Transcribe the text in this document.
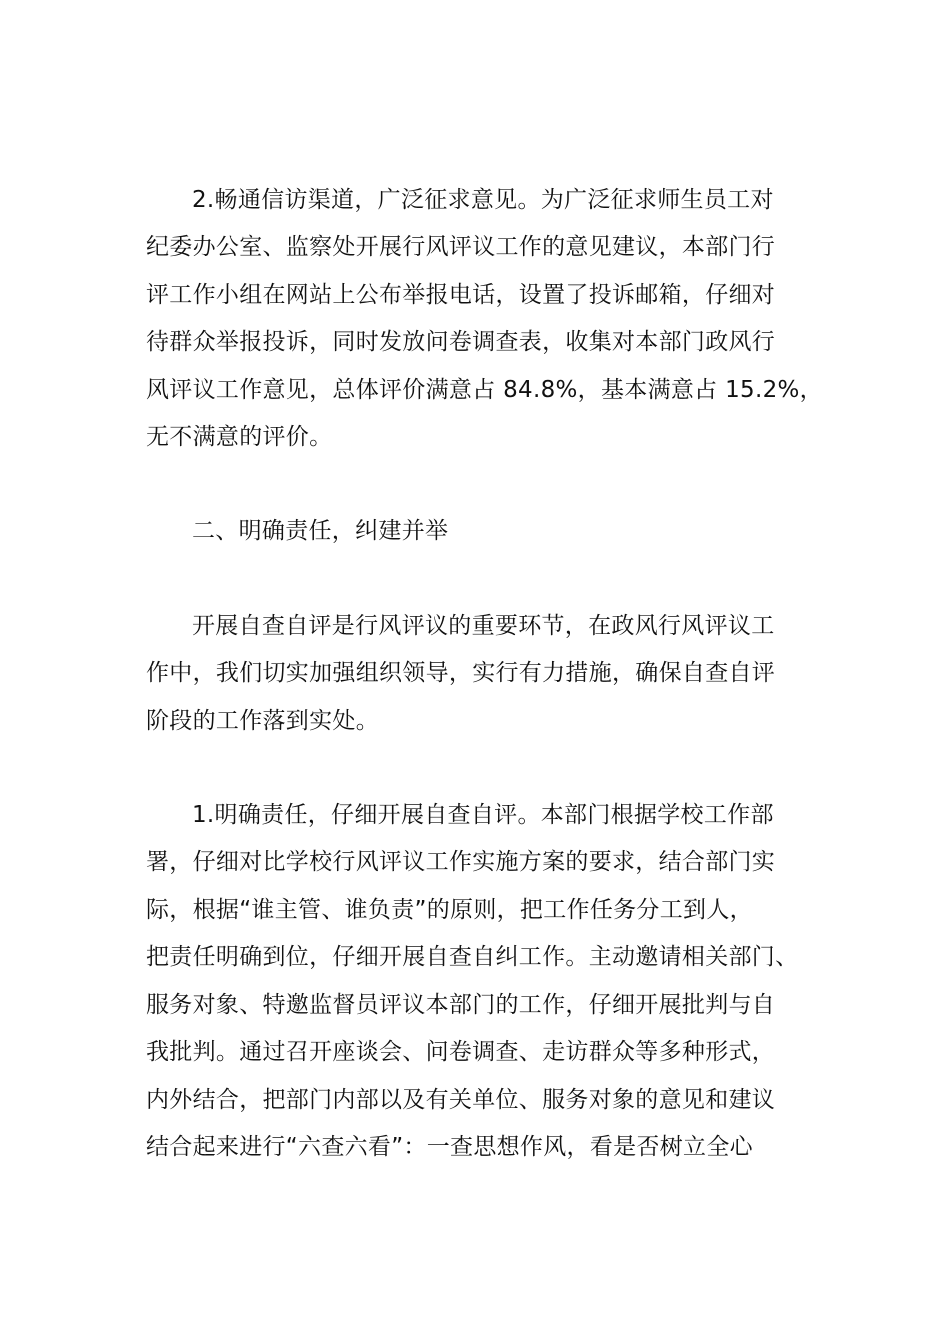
2.畅通信访渠道，广泛征求意见。为广泛征求师生员工对
纪委办公室、监察处开展行风评议工作的意见建议，本部门行
评工作小组在网站上公布举报电话，设置了投诉邮箱，仔细对
待群众举报投诉，同时发放问卷调查表，收集对本部门政风行
风评议工作意见，总体评价满意占 84.8%，基本满意占 15.2%，
无不满意的评价。

二、明确责任，纠建并举

开展自查自评是行风评议的重要环节，在政风行风评议工
作中，我们切实加强组织领导，实行有力措施，确保自查自评
阶段的工作落到实处。

1.明确责任，仔细开展自查自评。本部门根据学校工作部
署，仔细对比学校行风评议工作实施方案的要求，结合部门实
际，根据“谁主管、谁负责”的原则，把工作任务分工到人，
把责任明确到位，仔细开展自查自纠工作。主动邀请相关部门、
服务对象、特邀监督员评议本部门的工作，仔细开展批判与自
我批判。通过召开座谈会、问卷调查、走访群众等多种形式，
内外结合，把部门内部以及有关单位、服务对象的意见和建议
结合起来进行“六查六看”：一查思想作风，看是否树立全心
